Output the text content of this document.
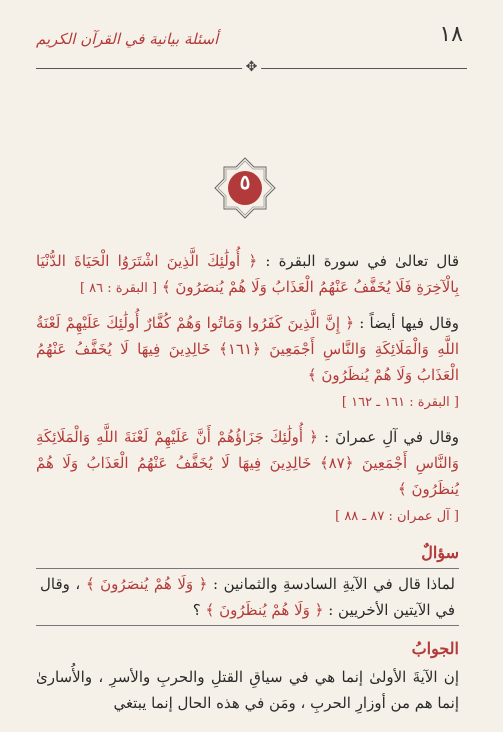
١٨
أسئلة بيانية في القرآن الكريم
✥
٥

قال تعالىٰ في سورة البقرة : ﴿ أُولَٰئِكَ الَّذِينَ اشْتَرَوُا الْحَيَاةَ الدُّنْيَا بِالْآخِرَةِ فَلَا يُخَفَّفُ عَنْهُمُ الْعَذَابُ وَلَا هُمْ يُنصَرُونَ ﴾ [ البقرة : ٨٦ ]

وقال فيها أيضاً : ﴿ إِنَّ الَّذِينَ كَفَرُوا وَمَاتُوا وَهُمْ كُفَّارٌ أُولَٰئِكَ عَلَيْهِمْ لَعْنَةُ اللَّهِ وَالْمَلَائِكَةِ وَالنَّاسِ أَجْمَعِينَ ﴿١٦١﴾ خَالِدِينَ فِيهَا لَا يُخَفَّفُ عَنْهُمُ الْعَذَابُ وَلَا هُمْ يُنظَرُونَ ﴾
[ البقرة : ١٦١ ـ ١٦٢ ]

وقال في آلِ عمرانَ : ﴿ أُولَٰئِكَ جَزَاؤُهُمْ أَنَّ عَلَيْهِمْ لَعْنَةَ اللَّهِ وَالْمَلَائِكَةِ وَالنَّاسِ أَجْمَعِينَ ﴿٨٧﴾ خَالِدِينَ فِيهَا لَا يُخَفَّفُ عَنْهُمُ الْعَذَابُ وَلَا هُمْ يُنظَرُونَ ﴾
[ آل عمران : ٨٧ ـ ٨٨ ]

سؤالٌ
لماذا قال في الآيةِ السادسةِ والثمانين : ﴿ وَلَا هُمْ يُنصَرُونَ ﴾ ، وقال في الآيتين الأخريين : ﴿ وَلَا هُمْ يُنظَرُونَ ﴾ ؟
الجوابُ

إن الآيةَ الأولىٰ إنما هي في سياقِ القتلِ والحربِ والأسرِ ، والأُسارىٰ إنما هم من أوزارِ الحربِ ، ومَن في هذه الحال إنما يبتغي
